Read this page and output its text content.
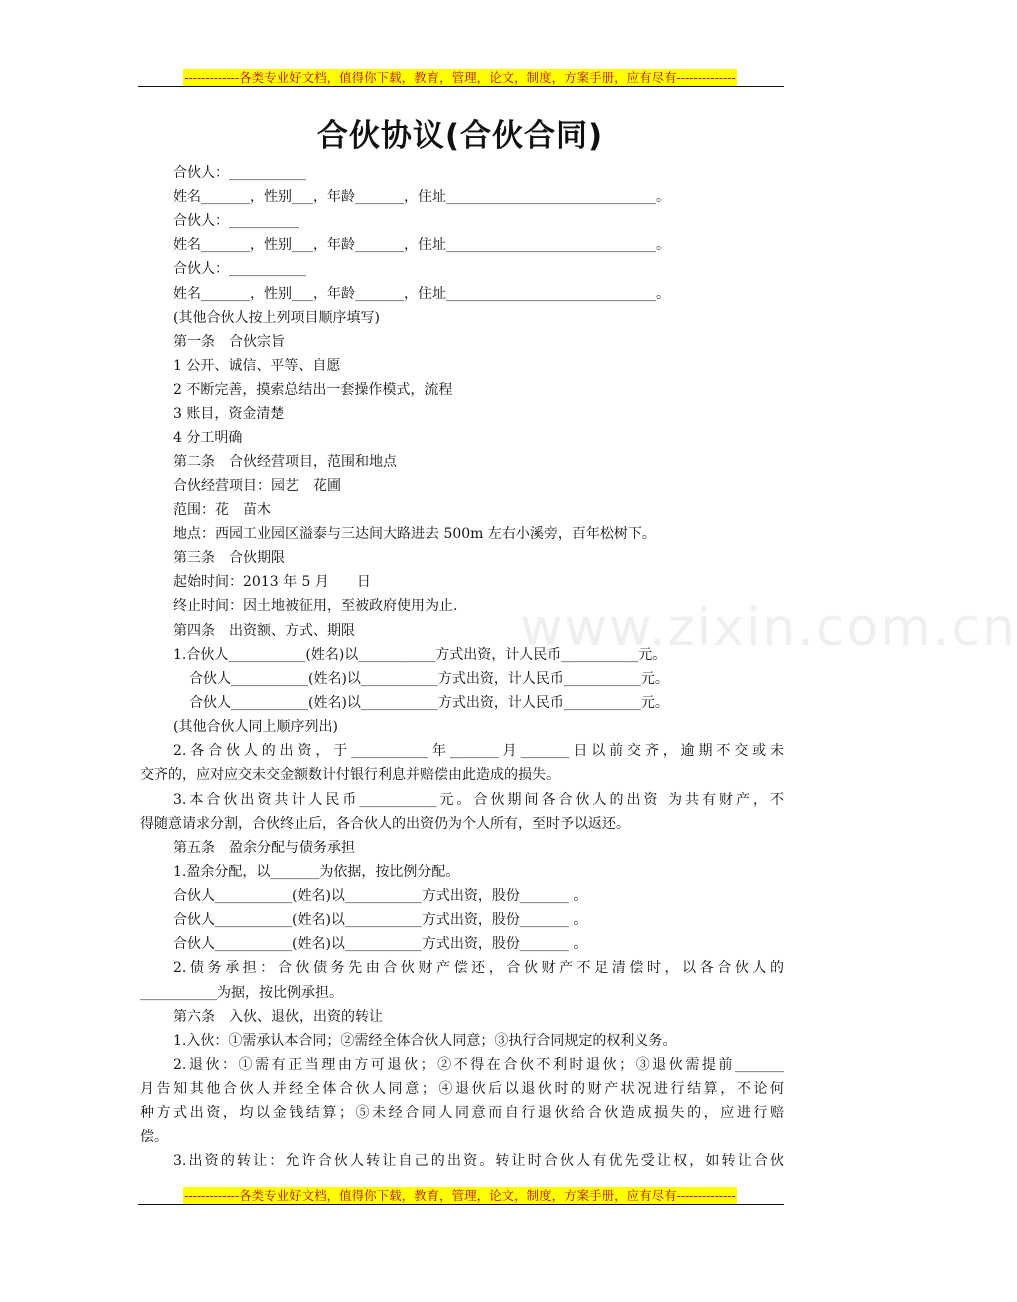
-------------各类专业好文档，值得你下载，教育，管理，论文，制度，方案手册，应有尽有--------------
合伙协议(合伙合同)
www.zixin.com.cn
合伙人：___________
姓名_______，性别___，年龄_______，住址______________________________。
合伙人：__________
姓名_______，性别___，年龄_______，住址______________________________。
合伙人：___________
姓名_______，性别___，年龄_______，住址______________________________。
(其他合伙人按上列项目顺序填写)
第一条　合伙宗旨
1 公开、诚信、平等、自愿
2 不断完善，摸索总结出一套操作模式，流程
3 账目，资金清楚
4 分工明确
第二条　合伙经营项目，范围和地点
合伙经营项目：园艺　花圃
范围：花　苗木
地点：西园工业园区溢泰与三达间大路进去 500m 左右小溪旁，百年松树下。
第三条　合伙期限
起始时间：2013 年 5 月　　日
终止时间：因土地被征用，至被政府使用为止.
第四条　出资额、方式、期限
1.合伙人___________(姓名)以___________方式出资，计人民币___________元。
合伙人___________(姓名)以___________方式出资，计人民币___________元。
合伙人___________(姓名)以___________方式出资，计人民币___________元。
(其他合伙人同上顺序列出)
2.各合伙人的出资，于___________年_______月_______日以前交齐，逾期不交或未
交齐的，应对应交未交金额数计付银行利息并赔偿由此造成的损失。
3.本合伙出资共计人民币___________元。合伙期间各合伙人的出资 为共有财产，不
得随意请求分割，合伙终止后，各合伙人的出资仍为个人所有，至时予以返还。
第五条　盈余分配与债务承担
1.盈余分配，以_______为依据，按比例分配。
合伙人___________(姓名)以___________方式出资，股份_______ 。
合伙人___________(姓名)以___________方式出资，股份_______ 。
合伙人___________(姓名)以___________方式出资，股份_______ 。
2.债务承担：合伙债务先由合伙财产偿还，合伙财产不足清偿时，以各合伙人的
___________为据，按比例承担。
第六条　入伙、退伙，出资的转让
1.入伙：①需承认本合同；②需经全体合伙人同意；③执行合同规定的权利义务。
2.退伙：①需有正当理由方可退伙；②不得在合伙不利时退伙；③退伙需提前_______
月告知其他合伙人并经全体合伙人同意；④退伙后以退伙时的财产状况进行结算，不论何
种方式出资，均以金钱结算；⑤未经合同人同意而自行退伙给合伙造成损失的，应进行赔
偿。
3.出资的转让：允许合伙人转让自己的出资。转让时合伙人有优先受让权，如转让合伙
-------------各类专业好文档，值得你下载，教育，管理，论文，制度，方案手册，应有尽有--------------
